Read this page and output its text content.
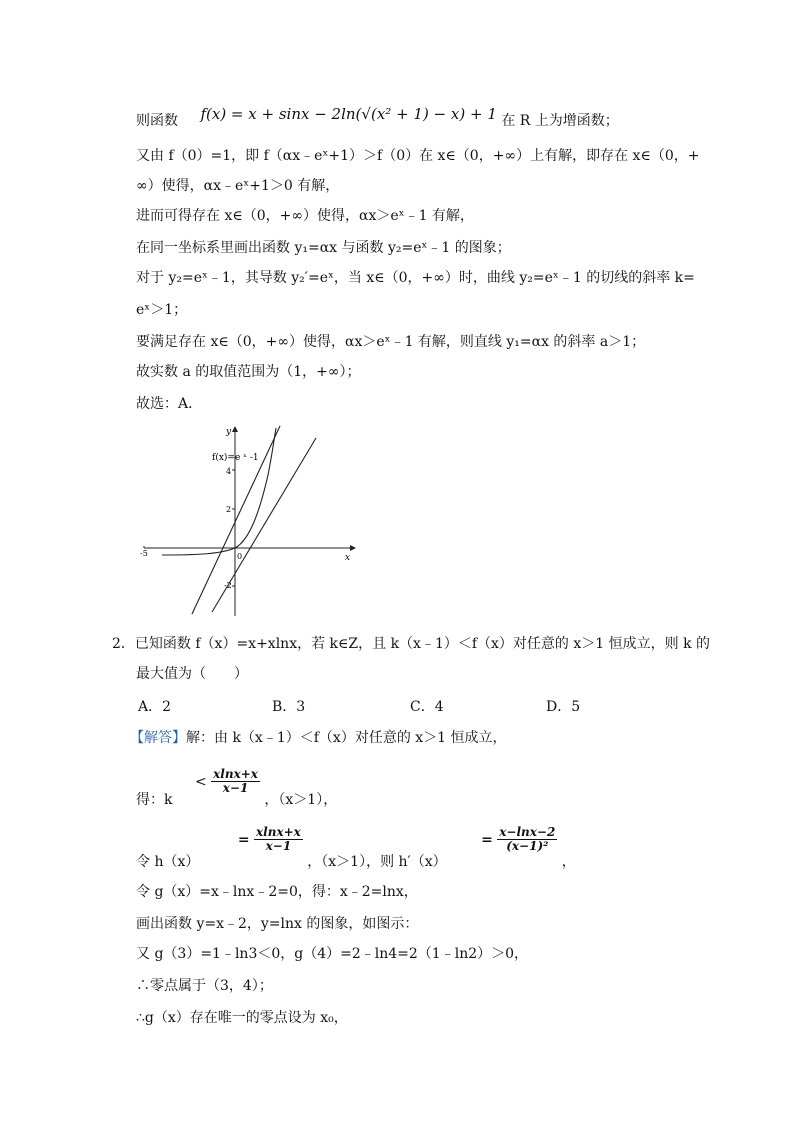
则函数 f(x) = x + sinx − 2ln(√(x² + 1) − x) + 1 在 R 上为增函数；
又由 f（0）=1，即 f（αx﹣eˣ+1）＞f（0）在 x∈（0，+∞）上有解，即存在 x∈（0，+
∞）使得，αx﹣eˣ+1＞0 有解，
进而可得存在 x∈（0，+∞）使得，αx＞eˣ﹣1 有解，
在同一坐标系里画出函数 y₁=αx 与函数 y₂=eˣ﹣1 的图象；
对于 y₂=eˣ﹣1，其导数 y₂′=eˣ，当 x∈（0，+∞）时，曲线 y₂=eˣ﹣1 的切线的斜率 k=
eˣ＞1；
要满足存在 x∈（0，+∞）使得，αx＞eˣ﹣1 有解，则直线 y₁=αx 的斜率 a＞1；
故实数 a 的取值范围为（1，+∞）；
故选：A．
y
x
f(x)=e ˣ -1
4
2
-2
-5	0
2．已知函数 f（x）=x+xlnx，若 k∈Z，且 k（x﹣1）＜f（x）对任意的 x＞1 恒成立，则 k 的
最大值为（　　）
A．2	B．3	C．4	D．5
【解答】解：由 k（x﹣1）＜f（x）对任意的 x＞1 恒成立，
得：$k < \frac{xlnx+x}{x-1}$
，（x＞1），
令 $h(x) = \frac{xlnx+x}{x-1}$
，（x＞1），则 $h'(x) = \frac{x-\ln x-2}{\text{(x−1)²}}$
，
令 g（x）=x﹣lnx﹣2=0，得：x﹣2=lnx，
画出函数 y=x﹣2，y=lnx 的图象，如图示：
又 g（3）=1﹣ln3＜0，g（4）=2﹣ln4=2（1﹣ln2）＞0，
∴零点属于（3，4）；
∴g（x）存在唯一的零点设为 x₀，
